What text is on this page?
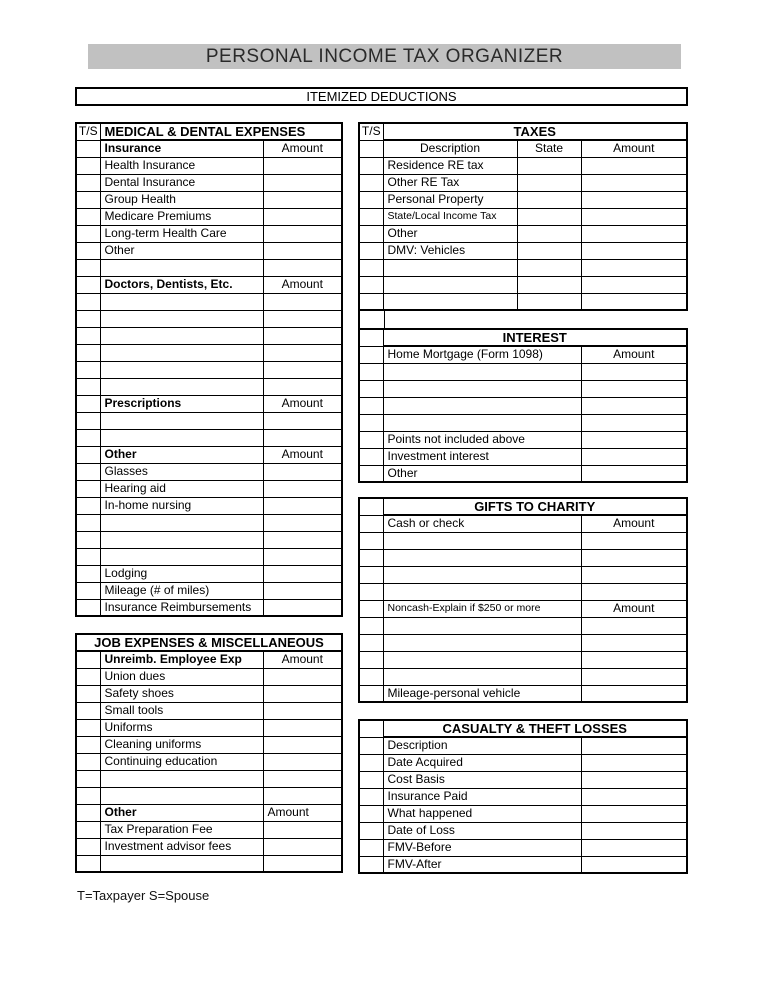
PERSONAL INCOME TAX ORGANIZER
ITEMIZED DEDUCTIONS
T/S	MEDICAL & DENTAL EXPENSES	
	Insurance	Amount
	Health Insurance	
	Dental Insurance	
	Group Health	
	Medicare Premiums	
	Long-term Health Care	
	Other	

	Doctors, Dentists, Etc.	Amount

	Prescriptions	Amount

	Other	Amount
	Glasses	
	Hearing aid	
	In-home nursing	

	Lodging	
	Mileage (# of miles)	
	Insurance Reimbursements	
JOB EXPENSES & MISCELLANEOUS		
	Unreimb. Employee Exp	Amount
	Union dues	
	Safety shoes	
	Small tools	
	Uniforms	
	Cleaning uniforms	
	Continuing education	

	Other	Amount
	Tax Preparation Fee	
	Investment advisor fees	

T/S	TAXES		
	Description	State	Amount
	Residence RE tax		
	Other RE Tax		
	Personal Property		
	State/Local Income Tax		
	Other		
	DMV: Vehicles		

	INTEREST	
	Home Mortgage (Form 1098)	Amount

	Points not included above	
	Investment interest	
	Other	
	GIFTS TO CHARITY	
	Cash or check	Amount

	Noncash-Explain if $250 or more	Amount

	Mileage-personal vehicle	
	CASUALTY & THEFT LOSSES	
	Description	
	Date Acquired	
	Cost Basis	
	Insurance Paid	
	What happened	
	Date of Loss	
	FMV-Before	
	FMV-After	
T=Taxpayer S=Spouse
